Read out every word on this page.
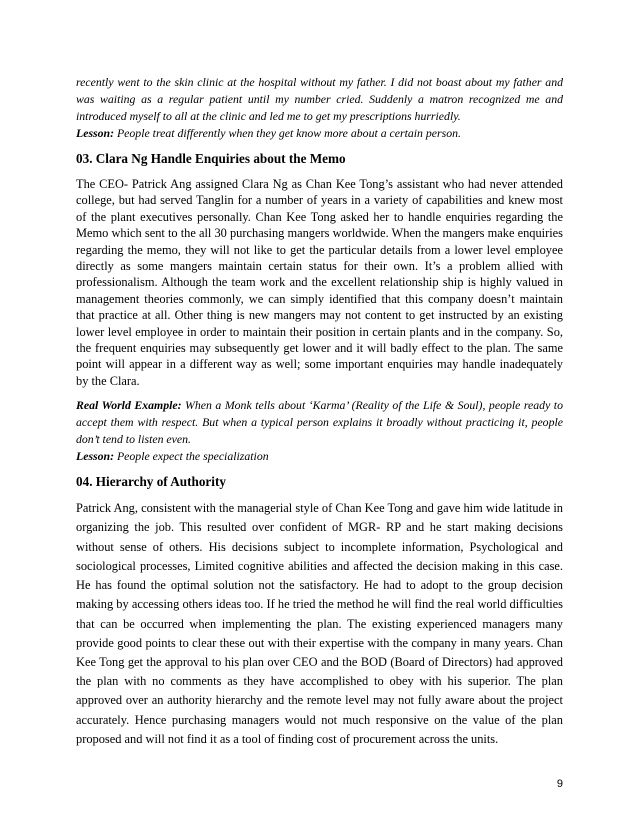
recently went to the skin clinic at the hospital without my father. I did not boast about my father and was waiting as a regular patient until my number cried. Suddenly a matron recognized me and introduced myself to all at the clinic and led me to get my prescriptions hurriedly.

Lesson: People treat differently when they get know more about a certain person.

03. Clara Ng Handle Enquiries about the Memo

The CEO- Patrick Ang assigned Clara Ng as Chan Kee Tong’s assistant who had never attended college, but had served Tanglin for a number of years in a variety of capabilities and knew most of the plant executives personally. Chan Kee Tong asked her to handle enquiries regarding the Memo which sent to the all 30 purchasing mangers worldwide. When the mangers make enquiries regarding the memo, they will not like to get the particular details from a lower level employee directly as some mangers maintain certain status for their own. It’s a problem allied with professionalism. Although the team work and the excellent relationship ship is highly valued in management theories commonly, we can simply identified that this company doesn’t maintain that practice at all. Other thing is new mangers may not content to get instructed by an existing lower level employee in order to maintain their position in certain plants and in the company. So, the frequent enquiries may subsequently get lower and it will badly effect to the plan. The same point will appear in a different way as well; some important enquiries may handle inadequately by the Clara.

Real World Example: When a Monk tells about ‘Karma’ (Reality of the Life & Soul), people ready to accept them with respect. But when a typical person explains it broadly without practicing it, people don’t tend to listen even.

Lesson: People expect the specialization

04. Hierarchy of Authority

Patrick Ang, consistent with the managerial style of Chan Kee Tong and gave him wide latitude in organizing the job. This resulted over confident of MGR- RP and he start making decisions without sense of others. His decisions subject to incomplete information, Psychological and sociological processes, Limited cognitive abilities and affected the decision making in this case. He has found the optimal solution not the satisfactory. He had to adopt to the group decision making by accessing others ideas too. If he tried the method he will find the real world difficulties that can be occurred when implementing the plan. The existing experienced managers many provide good points to clear these out with their expertise with the company in many years. Chan Kee Tong get the approval to his plan over CEO and the BOD (Board of Directors) had approved the plan with no comments as they have accomplished to obey with his superior. The plan approved over an authority hierarchy and the remote level may not fully aware about the project accurately. Hence purchasing managers would not much responsive on the value of the plan proposed and will not find it as a tool of finding cost of procurement across the units.

9
